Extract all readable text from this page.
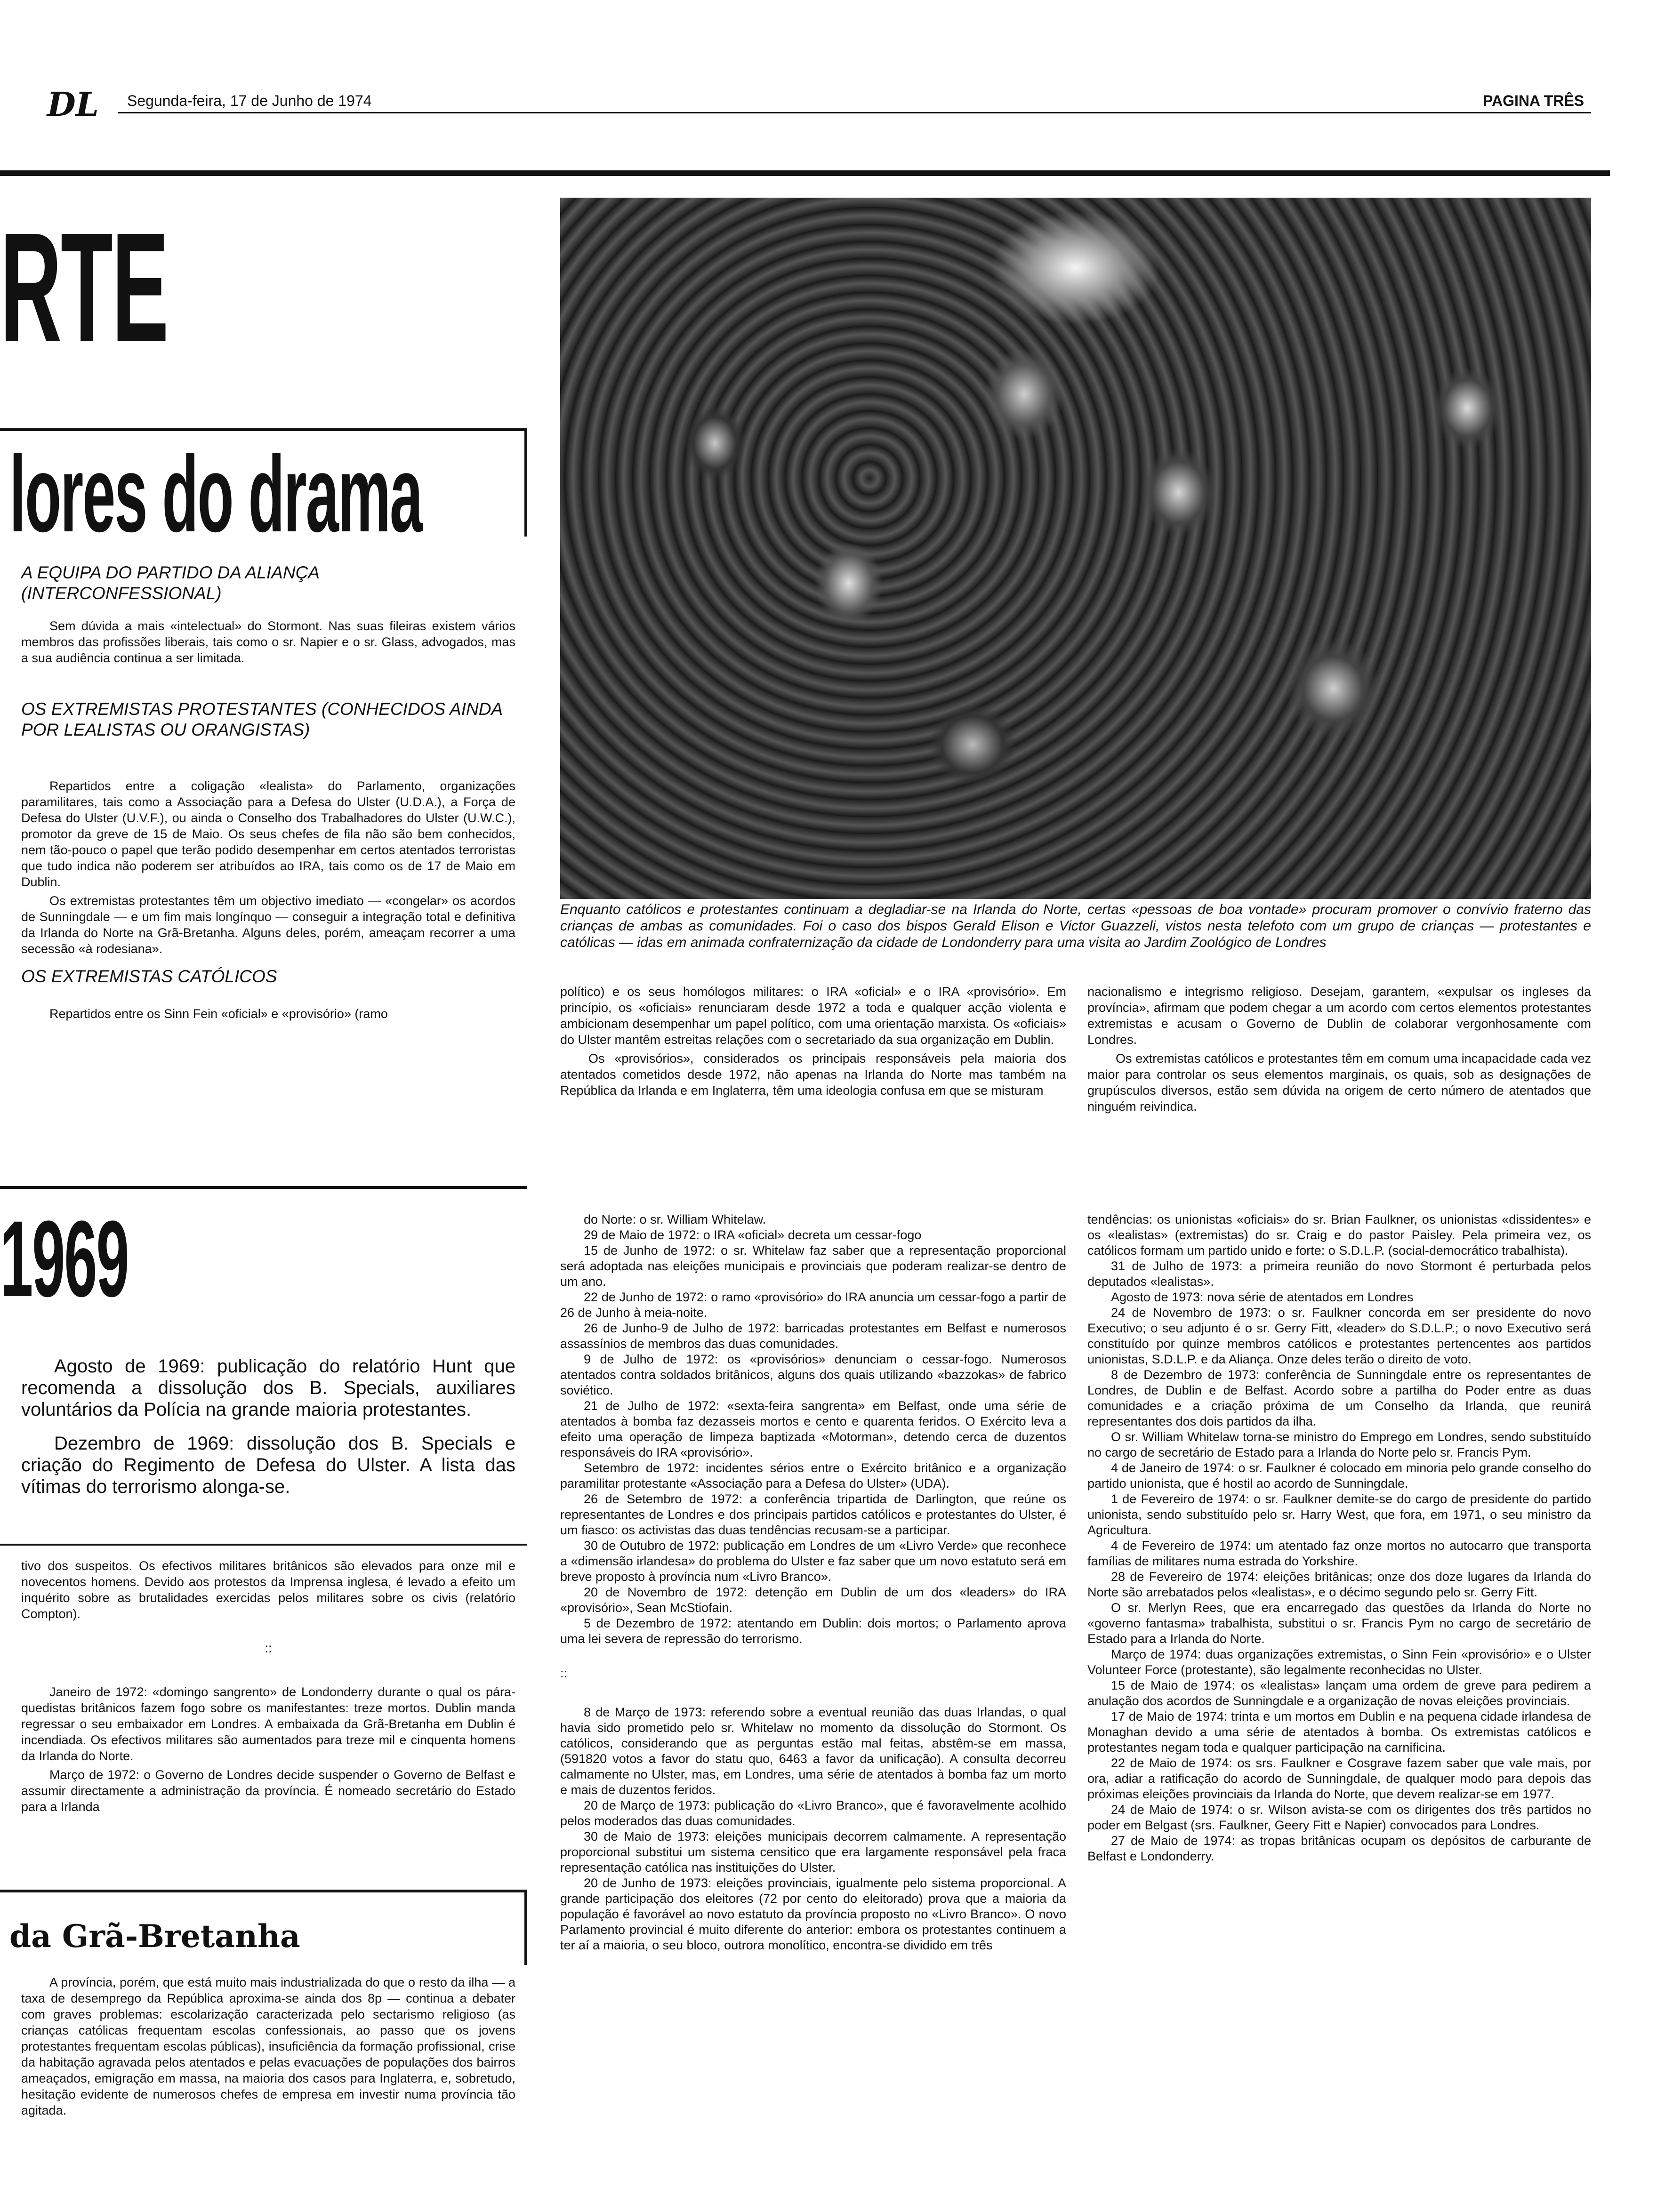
DL Segunda-feira, 17 de Junho de 1974	PAGINA TRÊS
RTE
lores do drama
A EQUIPA DO PARTIDO DA ALIANÇA (INTERCONFESSIONAL)
Sem dúvida a mais «intelectual» do Stormont. Nas suas fileiras existem vários membros das profissões liberais, tais como o sr. Napier e o sr. Glass, advogados, mas a sua audiência continua a ser limitada.
OS EXTREMISTAS PROTESTANTES (CONHECIDOS AINDA POR LEALISTAS OU ORANGISTAS)
Repartidos entre a coligação «lealista» do Parlamento, organizações paramilitares, tais como a Associação para a Defesa do Ulster (U.D.A.), a Força de Defesa do Ulster (U.V.F.), ou ainda o Conselho dos Trabalhadores do Ulster (U.W.C.), promotor da greve de 15 de Maio. Os seus chefes de fila não são bem conhecidos, nem tão-pouco o papel que terão podido desempenhar em certos atentados terroristas que tudo indica não poderem ser atribuídos ao IRA, tais como os de 17 de Maio em Dublin.
Os extremistas protestantes têm um objectivo imediato — «congelar» os acordos de Sunningdale — e um fim mais longínquo — conseguir a integração total e definitiva da Irlanda do Norte na Grã-Bretanha. Alguns deles, porém, ameaçam recorrer a uma secessão «à rodesiana».
OS EXTREMISTAS CATÓLICOS
Repartidos entre os Sinn Fein «oficial» e «provisório» (ramo
Enquanto católicos e protestantes continuam a degladiar-se na Irlanda do Norte, certas «pessoas de boa vontade» procuram promover o convívio fraterno das crianças de ambas as comunidades. Foi o caso dos bispos Gerald Elison e Victor Guazzeli, vistos nesta telefoto com um grupo de crianças — protestantes e católicas — idas em animada confraternização da cidade de Londonderry para uma visita ao Jardim Zoológico de Londres
político) e os seus homólogos militares: o IRA «oficial» e o IRA «provisório». Em princípio, os «oficiais» renunciaram desde 1972 a toda e qualquer acção violenta e ambicionam desempenhar um papel político, com uma orientação marxista. Os «oficiais» do Ulster mantêm estreitas relações com o secretariado da sua organização em Dublin.
Os «provisórios», considerados os principais responsáveis pela maioria dos atentados cometidos desde 1972, não apenas na Irlanda do Norte mas também na República da Irlanda e em Inglaterra, têm uma ideologia confusa em que se misturam
nacionalismo e integrismo religioso. Desejam, garantem, «expulsar os ingleses da província», afirmam que podem chegar a um acordo com certos elementos protestantes extremistas e acusam o Governo de Dublin de colaborar vergonhosamente com Londres.
Os extremistas católicos e protestantes têm em comum uma incapacidade cada vez maior para controlar os seus elementos marginais, os quais, sob as designações de grupúsculos diversos, estão sem dúvida na origem de certo número de atentados que ninguém reivindica.
1969
Agosto de 1969: publicação do relatório Hunt que recomenda a dissolução dos B. Specials, auxiliares voluntários da Polícia na grande maioria protestantes.
Dezembro de 1969: dissolução dos B. Specials e criação do Regimento de Defesa do Ulster. A lista das vítimas do terrorismo alonga-se.
tivo dos suspeitos. Os efectivos militares britânicos são elevados para onze mil e novecentos homens. Devido aos protestos da Imprensa inglesa, é levado a efeito um inquérito sobre as brutalidades exercidas pelos militares sobre os civis (relatório Compton).
::
Janeiro de 1972: «domingo sangrento» de Londonderry durante o qual os pára-quedistas britânicos fazem fogo sobre os manifestantes: treze mortos. Dublin manda regressar o seu embaixador em Londres. A embaixada da Grã-Bretanha em Dublin é incendiada. Os efectivos militares são aumentados para treze mil e cinquenta homens da Irlanda do Norte.
Março de 1972: o Governo de Londres decide suspender o Governo de Belfast e assumir directamente a administração da província. É nomeado secretário do Estado para a Irlanda
do Norte: o sr. William Whitelaw.
29 de Maio de 1972: o IRA «oficial» decreta um cessar-fogo
15 de Junho de 1972: o sr. Whitelaw faz saber que a representação proporcional será adoptada nas eleições municipais e provinciais que poderam realizar-se dentro de um ano.
22 de Junho de 1972: o ramo «provisório» do IRA anuncia um cessar-fogo a partir de 26 de Junho à meia-noite.
26 de Junho-9 de Julho de 1972: barricadas protestantes em Belfast e numerosos assassínios de membros das duas comunidades.
9 de Julho de 1972: os «provisórios» denunciam o cessar-fogo. Numerosos atentados contra soldados britânicos, alguns dos quais utilizando «bazzokas» de fabrico soviético.
21 de Julho de 1972: «sexta-feira sangrenta» em Belfast, onde uma série de atentados à bomba faz dezasseis mortos e cento e quarenta feridos. O Exército leva a efeito uma operação de limpeza baptizada «Motorman», detendo cerca de duzentos responsáveis do IRA «provisório».
Setembro de 1972: incidentes sérios entre o Exército britânico e a organização paramilitar protestante «Associação para a Defesa do Ulster» (UDA).
26 de Setembro de 1972: a conferência tripartida de Darlington, que reúne os representantes de Londres e dos principais partidos católicos e protestantes do Ulster, é um fiasco: os activistas das duas tendências recusam-se a participar.
30 de Outubro de 1972: publicação em Londres de um «Livro Verde» que reconhece a «dimensão irlandesa» do problema do Ulster e faz saber que um novo estatuto será em breve proposto à província num «Livro Branco».
20 de Novembro de 1972: detenção em Dublin de um dos «leaders» do IRA «provisório», Sean McStiofain.
5 de Dezembro de 1972: atentando em Dublin: dois mortos; o Parlamento aprova uma lei severa de repressão do terrorismo.
::
8 de Março de 1973: referendo sobre a eventual reunião das duas Irlandas, o qual havia sido prometido pelo sr. Whitelaw no momento da dissolução do Stormont. Os católicos, considerando que as perguntas estão mal feitas, abstêm-se em massa, (591820 votos a favor do statu quo, 6463 a favor da unificação). A consulta decorreu calmamente no Ulster, mas, em Londres, uma série de atentados à bomba faz um morto e mais de duzentos feridos.
20 de Março de 1973: publicação do «Livro Branco», que é favoravelmente acolhido pelos moderados das duas comunidades.
30 de Maio de 1973: eleições municipais decorrem calmamente. A representação proporcional substitui um sistema censitico que era largamente responsável pela fraca representação católica nas instituições do Ulster.
20 de Junho de 1973: eleições provinciais, igualmente pelo sistema proporcional. A grande participação dos eleitores (72 por cento do eleitorado) prova que a maioria da população é favorável ao novo estatuto da província proposto no «Livro Branco». O novo Parlamento provincial é muito diferente do anterior: embora os protestantes continuem a ter aí a maioria, o seu bloco, outrora monolítico, encontra-se dividido em três
tendências: os unionistas «oficiais» do sr. Brian Faulkner, os unionistas «dissidentes» e os «lealistas» (extremistas) do sr. Craig e do pastor Paisley. Pela primeira vez, os católicos formam um partido unido e forte: o S.D.L.P. (social-democrático trabalhista).
31 de Julho de 1973: a primeira reunião do novo Stormont é perturbada pelos deputados «lealistas».
Agosto de 1973: nova série de atentados em Londres
24 de Novembro de 1973: o sr. Faulkner concorda em ser presidente do novo Executivo; o seu adjunto é o sr. Gerry Fitt, «leader» do S.D.L.P.; o novo Executivo será constituído por quinze membros católicos e protestantes pertencentes aos partidos unionistas, S.D.L.P. e da Aliança. Onze deles terão o direito de voto.
8 de Dezembro de 1973: conferência de Sunningdale entre os representantes de Londres, de Dublin e de Belfast. Acordo sobre a partilha do Poder entre as duas comunidades e a criação próxima de um Conselho da Irlanda, que reunirá representantes dos dois partidos da ilha.
O sr. William Whitelaw torna-se ministro do Emprego em Londres, sendo substituído no cargo de secretário de Estado para a Irlanda do Norte pelo sr. Francis Pym.
4 de Janeiro de 1974: o sr. Faulkner é colocado em minoria pelo grande conselho do partido unionista, que é hostil ao acordo de Sunningdale.
1 de Fevereiro de 1974: o sr. Faulkner demite-se do cargo de presidente do partido unionista, sendo substituído pelo sr. Harry West, que fora, em 1971, o seu ministro da Agricultura.
4 de Fevereiro de 1974: um atentado faz onze mortos no autocarro que transporta famílias de militares numa estrada do Yorkshire.
28 de Fevereiro de 1974: eleições britânicas; onze dos doze lugares da Irlanda do Norte são arrebatados pelos «lealistas», e o décimo segundo pelo sr. Gerry Fitt.
O sr. Merlyn Rees, que era encarregado das questões da Irlanda do Norte no «governo fantasma» trabalhista, substitui o sr. Francis Pym no cargo de secretário de Estado para a Irlanda do Norte.
Março de 1974: duas organizações extremistas, o Sinn Fein «provisório» e o Ulster Volunteer Force (protestante), são legalmente reconhecidas no Ulster.
15 de Maio de 1974: os «lealistas» lançam uma ordem de greve para pedirem a anulação dos acordos de Sunningdale e a organização de novas eleições provinciais.
17 de Maio de 1974: trinta e um mortos em Dublin e na pequena cidade irlandesa de Monaghan devido a uma série de atentados à bomba. Os extremistas católicos e protestantes negam toda e qualquer participação na carnificina.
22 de Maio de 1974: os srs. Faulkner e Cosgrave fazem saber que vale mais, por ora, adiar a ratificação do acordo de Sunningdale, de qualquer modo para depois das próximas eleições provinciais da Irlanda do Norte, que devem realizar-se em 1977.
24 de Maio de 1974: o sr. Wilson avista-se com os dirigentes dos três partidos no poder em Belgast (srs. Faulkner, Geery Fitt e Napier) convocados para Londres.
27 de Maio de 1974: as tropas britânicas ocupam os depósitos de carburante de Belfast e Londonderry.
da Grã-Bretanha
A província, porém, que está muito mais industrializada do que o resto da ilha — a taxa de desemprego da República aproxima-se ainda dos 8p — continua a debater com graves problemas: escolarização caracterizada pelo sectarismo religioso (as crianças católicas frequentam escolas confessionais, ao passo que os jovens protestantes frequentam escolas públicas), insuficiência da formação profissional, crise da habitação agravada pelos atentados e pelas evacuações de populações dos bairros ameaçados, emigração em massa, na maioria dos casos para Inglaterra, e, sobretudo, hesitação evidente de numerosos chefes de empresa em investir numa província tão agitada.
